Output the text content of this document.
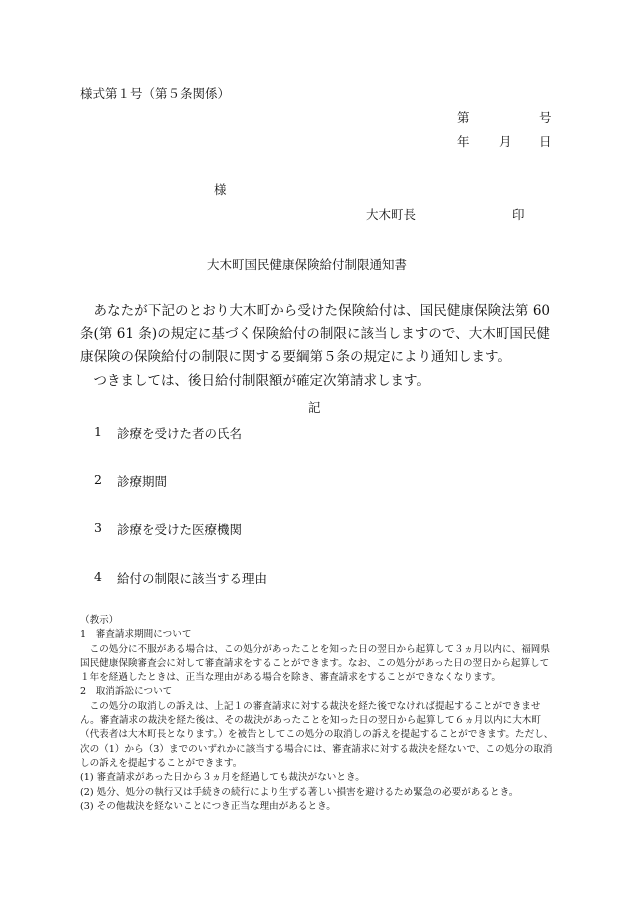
様式第１号（第５条関係）
第	号
年 月 日
様
大木町長	印
大木町国民健康保険給付制限通知書
あなたが下記のとおり大木町から受けた保険給付は、国民健康保険法第 60 条(第 61 条)の規定に基づく保険給付の制限に該当しますので、大木町国民健康保険の保険給付の制限に関する要綱第５条の規定により通知します。
つきましては、後日給付制限額が確定次第請求します。
記
1 診療を受けた者の氏名
2 診療期間
3 診療を受けた医療機関
4 給付の制限に該当する理由
（教示）
1　審査請求期間について
この処分に不服がある場合は、この処分があったことを知った日の翌日から起算して３ヵ月以内に、福岡県国民健康保険審査会に対して審査請求をすることができます。なお、この処分があった日の翌日から起算して１年を経過したときは、正当な理由がある場合を除き、審査請求をすることができなくなります。
2　取消訴訟について
この処分の取消しの訴えは、上記１の審査請求に対する裁決を経た後でなければ提起することができません。審査請求の裁決を経た後は、その裁決があったことを知った日の翌日から起算して６ヵ月以内に大木町（代表者は大木町長となります。）を被告としてこの処分の取消しの訴えを提起することができます。ただし、次の（1）から（3）までのいずれかに該当する場合には、審査請求に対する裁決を経ないで、この処分の取消しの訴えを提起することができます。
(1) 審査請求があった日から３ヵ月を経過しても裁決がないとき。
(2) 処分、処分の執行又は手続きの続行により生ずる著しい損害を避けるため緊急の必要があるとき。
(3) その他裁決を経ないことにつき正当な理由があるとき。
